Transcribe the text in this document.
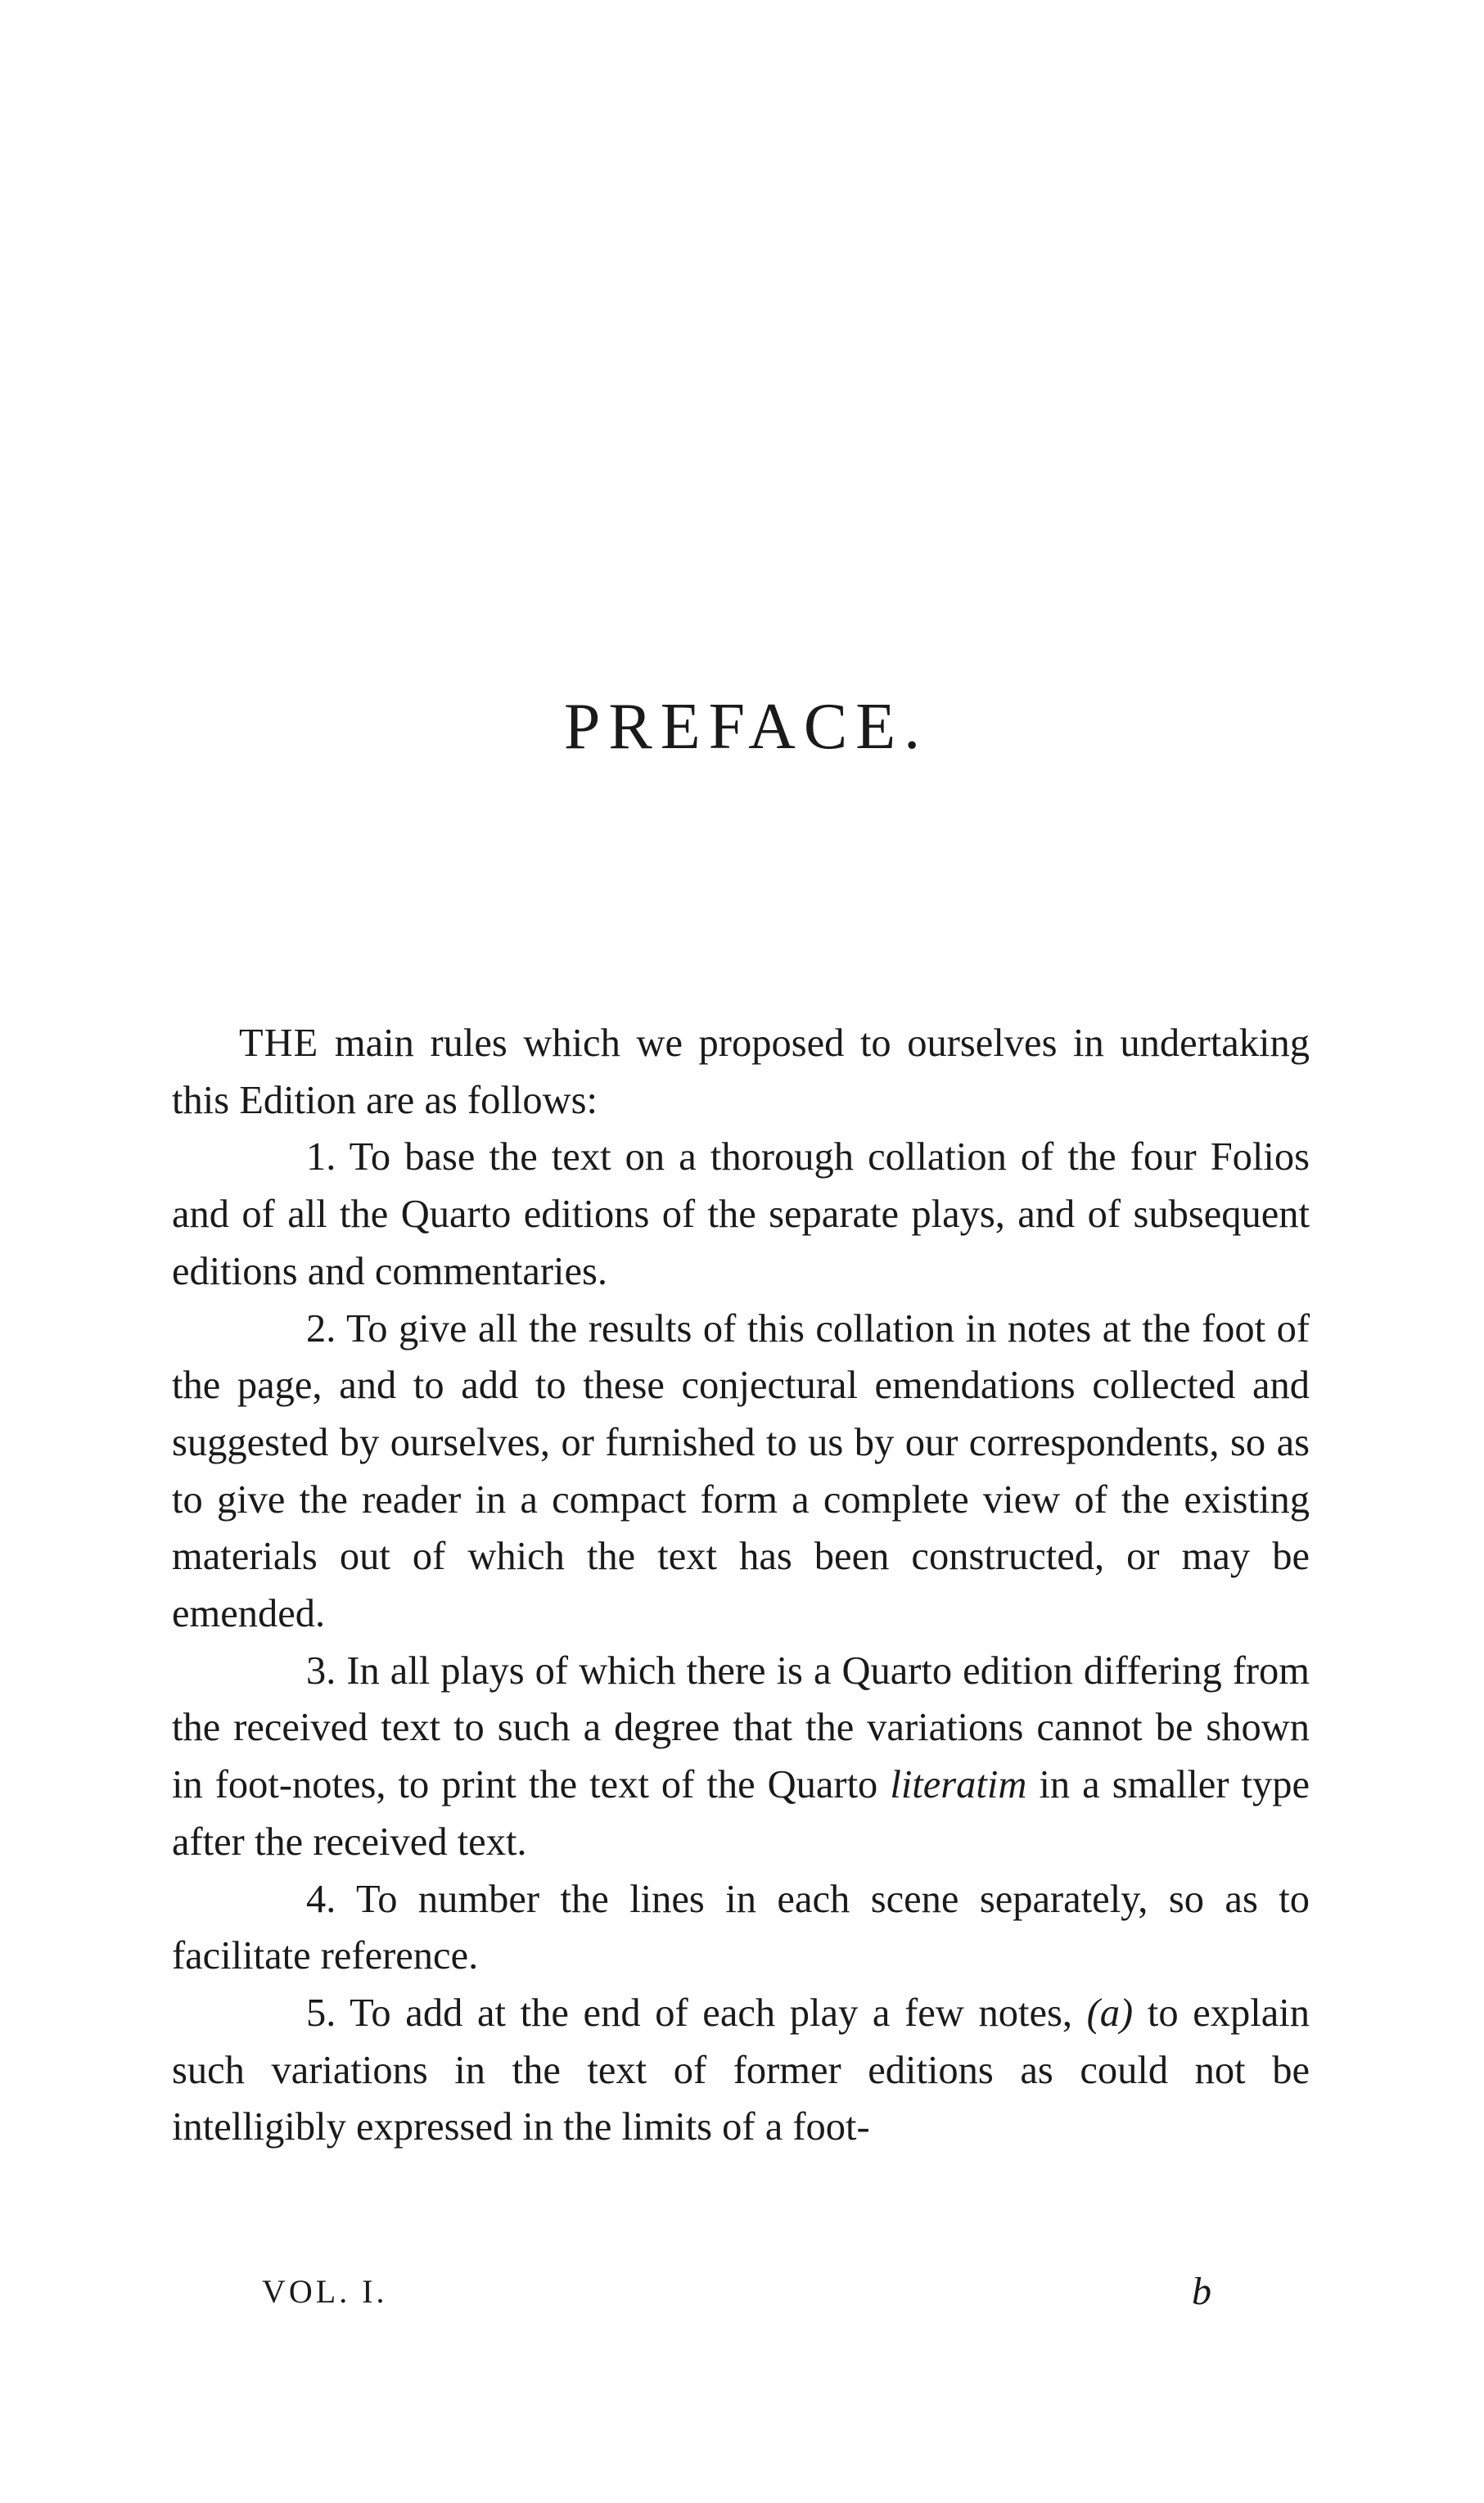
PREFACE.

THE main rules which we proposed to ourselves in undertaking this Edition are as follows:

1. To base the text on a thorough collation of the four Folios and of all the Quarto editions of the separate plays, and of subsequent editions and commentaries.

2. To give all the results of this collation in notes at the foot of the page, and to add to these conjectural emendations collected and suggested by ourselves, or furnished to us by our correspondents, so as to give the reader in a compact form a complete view of the existing materials out of which the text has been constructed, or may be emended.

3. In all plays of which there is a Quarto edition differing from the received text to such a degree that the variations cannot be shown in foot-notes, to print the text of the Quarto literatim in a smaller type after the received text.

4. To number the lines in each scene separately, so as to facilitate reference.

5. To add at the end of each play a few notes, (a) to explain such variations in the text of former editions as could not be intelligibly expressed in the limits of a foot-

VOL. I.	b
